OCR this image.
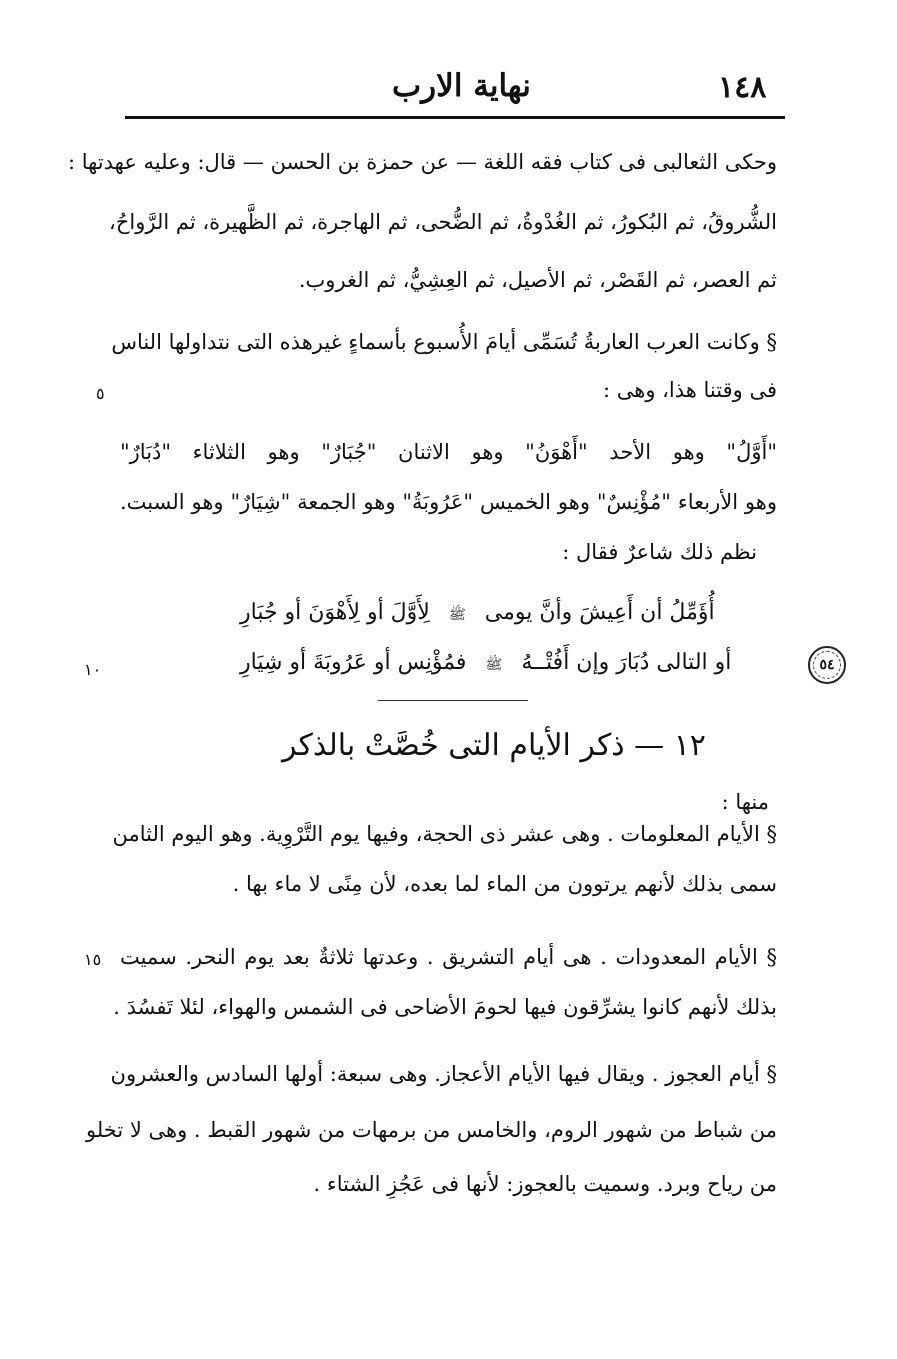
١٤٨
نهاية الارب
وحكى الثعالبى فى كتاب فقه اللغة — عن حمزة بن الحسن — قال: وعليه عهدتها :
الشُّروقُ، ثم البُكورُ، ثم الغُدْوةُ، ثم الضُّحى، ثم الهاجرة، ثم الظَّهيرة، ثم الرَّواحُ،
ثم العصر، ثم القَصْر، ثم الأصيل، ثم العِشِيُّ، ثم الغروب.
§ وكانت العرب العاربةُ تُسَمِّى أيامَ الأُسبوع بأسماءٍ غيرهذه التى نتداولها الناس
فى وقتنا هذا، وهى :
"أَوَّلُ" وهو الأحد "أَهْوَنُ" وهو الاثنان "جُبَارٌ" وهو الثلاثاء "دُبَارٌ"
وهو الأربعاء "مُؤْنِسٌ" وهو الخميس "عَرُوبَةُ" وهو الجمعة "شِيَارٌ" وهو السبت.
نظم ذلك شاعرٌ فقال :
أُؤَمِّلُ أن أَعِيشَ وأنَّ يومى ﷺ لِأَوَّلَ أو لِأَهْوَنَ أو جُبَارِ
أو التالى دُبَارَ وإن أَفُتْــهُ ﷺ فمُؤْنِس أو عَرُوبَةَ أو شِيَارِ
١٢ — ذكر الأيام التى خُصَّتْ بالذكر
منها :
§ الأيام المعلومات . وهى عشر ذى الحجة، وفيها يوم التَّرْوِية. وهو اليوم الثامن
سمى بذلك لأنهم يرتوون من الماء لما بعده، لأن مِنًى لا ماء بها .
§ الأيام المعدودات . هى أيام التشريق . وعدتها ثلاثةٌ بعد يوم النحر. سميت
بذلك لأنهم كانوا يشرِّقون فيها لحومَ الأضاحى فى الشمس والهواء، لئلا تَفسُدَ .
§ أيام العجوز . ويقال فيها الأيام الأعجاز. وهى سبعة: أولها السادس والعشرون
من شباط من شهور الروم، والخامس من برمهات من شهور القبط . وهى لا تخلو
من رياح وبرد. وسميت بالعجوز: لأنها فى عَجُزِ الشتاء .
٥
١٠
١٥
٥٤
